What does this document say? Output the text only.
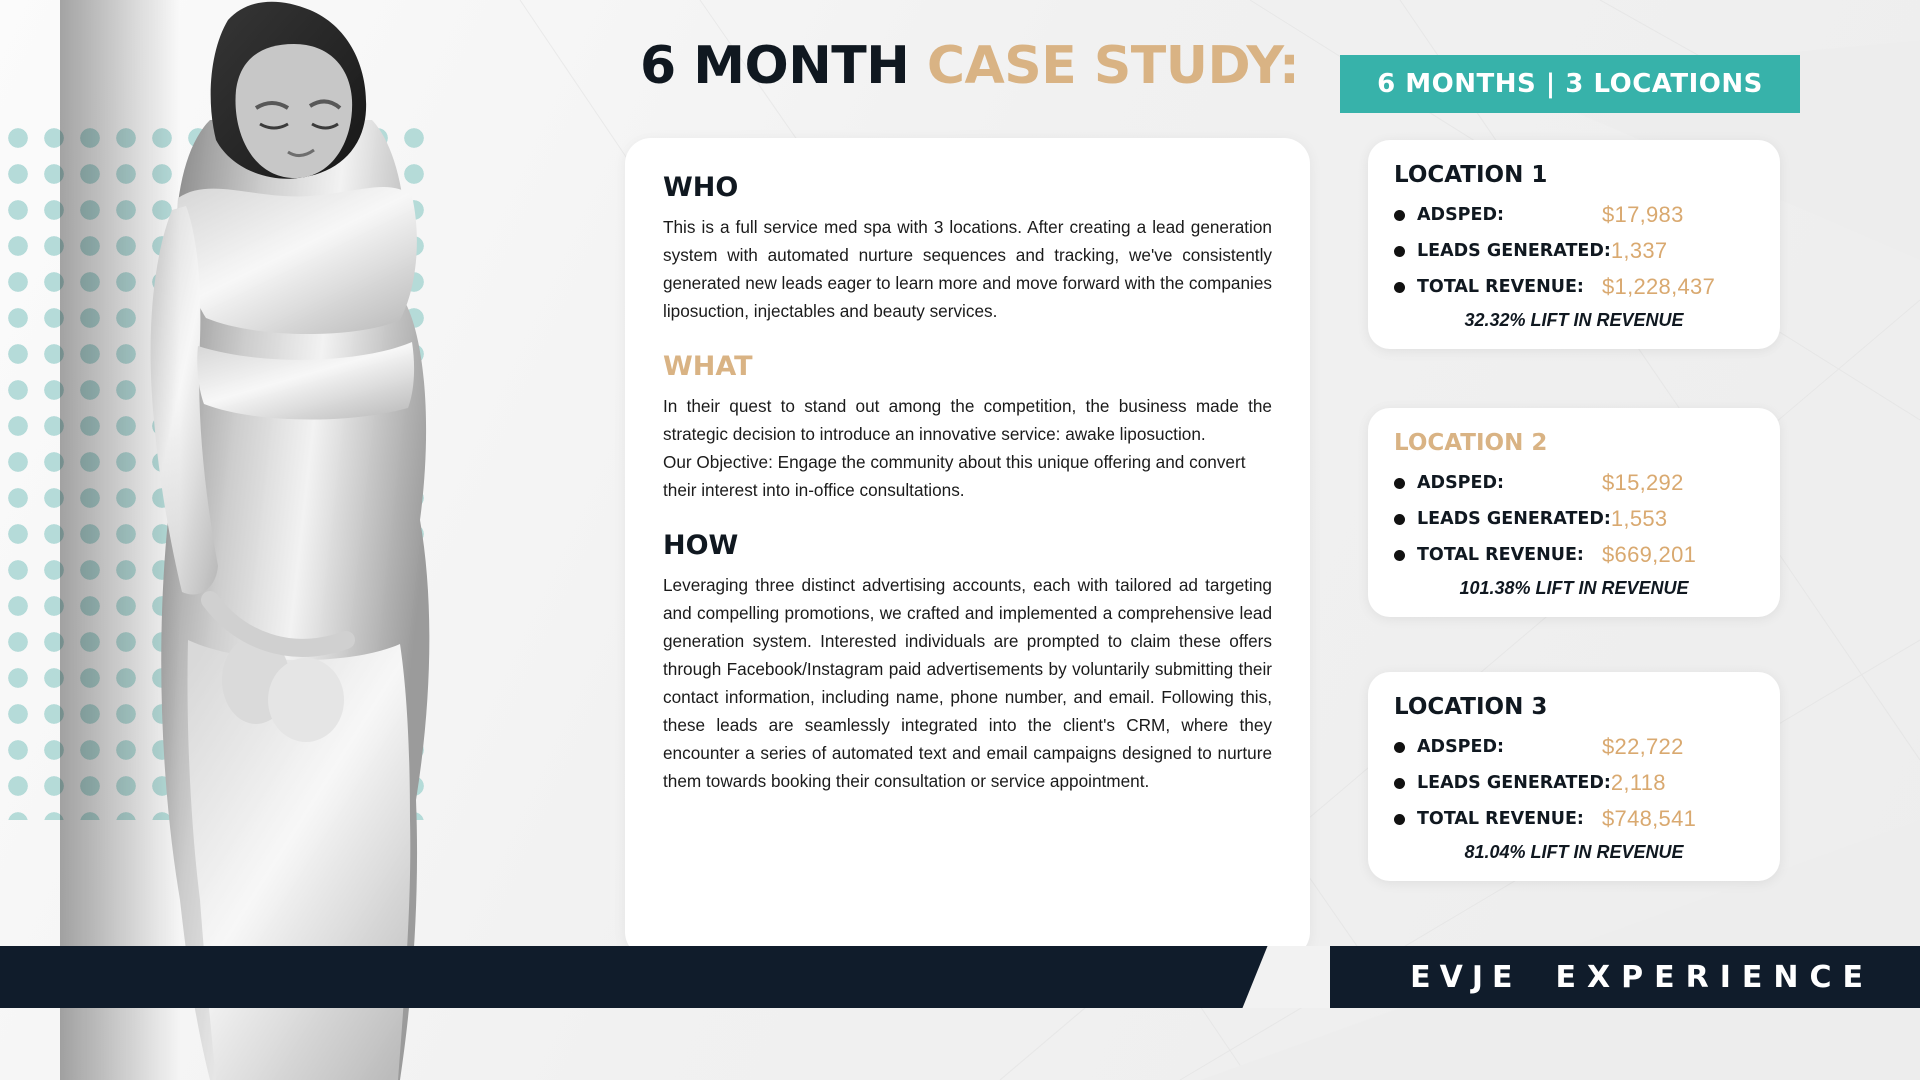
6 MONTH CASE STUDY:
WHO

This is a full service med spa with 3 locations. After creating a lead generation system with automated nurture sequences and tracking, we've consistently generated new leads eager to learn more and move forward with the companies liposuction, injectables and beauty services.

WHAT

In their quest to stand out among the competition, the business made the strategic decision to introduce an innovative service: awake liposuction.

Our Objective: Engage the community about this unique offering and convert their interest into in-office consultations.

HOW

Leveraging three distinct advertising accounts, each with tailored ad targeting and compelling promotions, we crafted and implemented a comprehensive lead generation system. Interested individuals are prompted to claim these offers through Facebook/Instagram paid advertisements by voluntarily submitting their contact information, including name, phone number, and email. Following this, these leads are seamlessly integrated into the client's CRM, where they encounter a series of automated text and email campaigns designed to nurture them towards booking their consultation or service appointment.

6 MONTHS | 3 LOCATIONS
LOCATION 1
ADSPED:	$17,983
LEADS GENERATED: 1,337
TOTAL REVENUE: $1,228,437
32.32% LIFT IN REVENUE
LOCATION 2
ADSPED:	$15,292
LEADS GENERATED: 1,553
TOTAL REVENUE: $669,201
101.38% LIFT IN REVENUE
LOCATION 3
ADSPED:	$22,722
LEADS GENERATED: 2,118
TOTAL REVENUE: $748,541
81.04% LIFT IN REVENUE
EVJE EXPERIENCE
